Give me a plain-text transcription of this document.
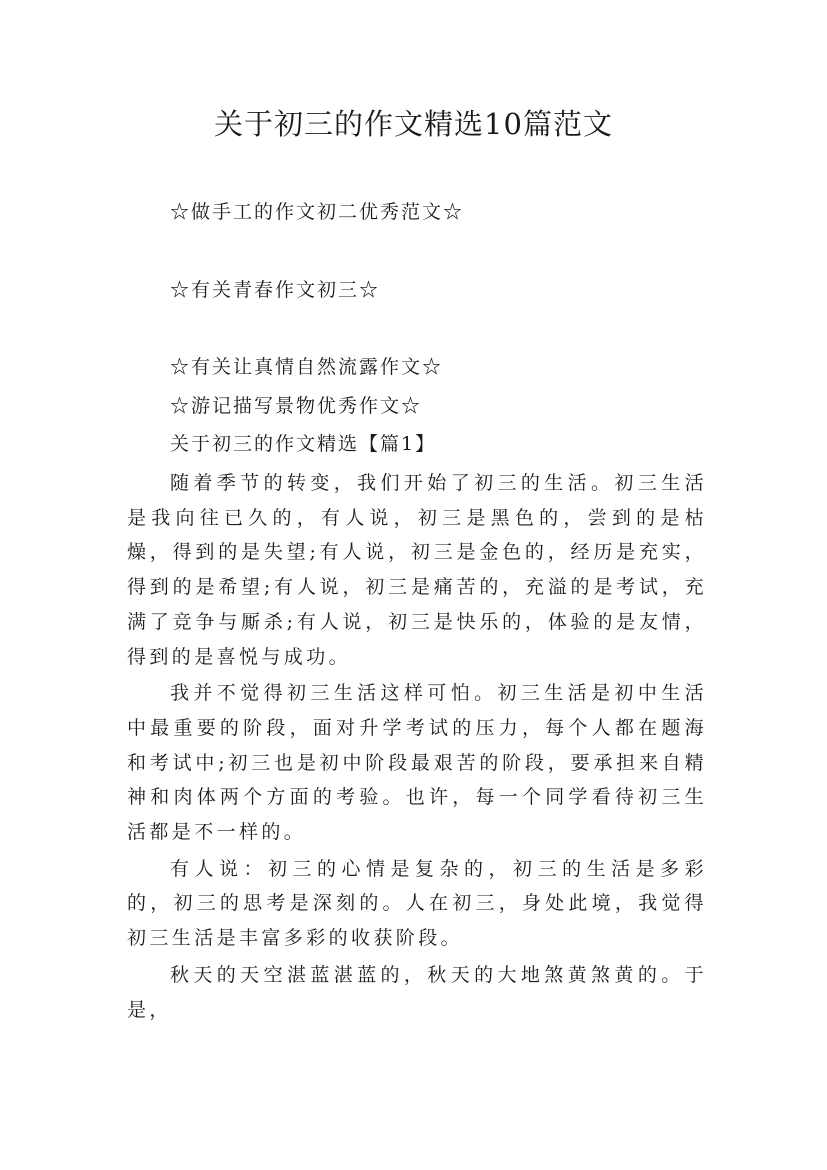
关于初三的作文精选10篇范文
☆做手工的作文初二优秀范文☆
☆有关青春作文初三☆
☆有关让真情自然流露作文☆
☆游记描写景物优秀作文☆
关于初三的作文精选【篇1】

随着季节的转变，我们开始了初三的生活。初三生活是我向往已久的，有人说，初三是黑色的，尝到的是枯燥，得到的是失望;有人说，初三是金色的，经历是充实，得到的是希望;有人说，初三是痛苦的，充溢的是考试，充满了竞争与厮杀;有人说，初三是快乐的，体验的是友情，得到的是喜悦与成功。

我并不觉得初三生活这样可怕。初三生活是初中生活中最重要的阶段，面对升学考试的压力，每个人都在题海和考试中;初三也是初中阶段最艰苦的阶段，要承担来自精神和肉体两个方面的考验。也许，每一个同学看待初三生活都是不一样的。

有人说：初三的心情是复杂的，初三的生活是多彩的，初三的思考是深刻的。人在初三，身处此境，我觉得初三生活是丰富多彩的收获阶段。

秋天的天空湛蓝湛蓝的，秋天的大地煞黄煞黄的。于是，
